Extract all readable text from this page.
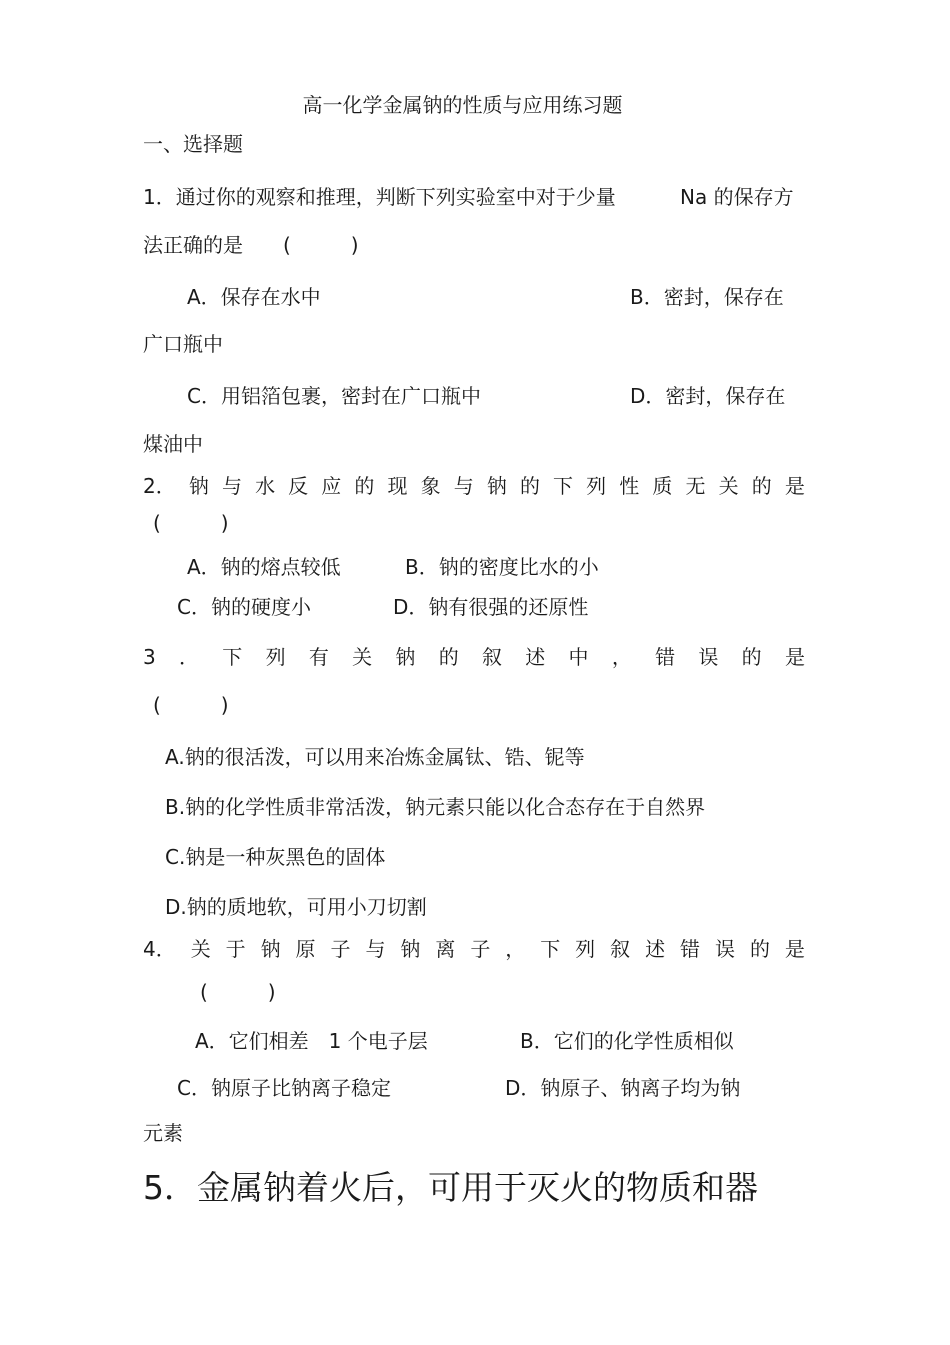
高一化学金属钠的性质与应用练习题
一、选择题
1．通过你的观察和推理，判断下列实验室中对于少量	Na 的保存方
法正确的是　　(　　　)
A．保存在水中	B．密封，保存在
广口瓶中
C．用铝箔包裹，密封在广口瓶中	D．密封，保存在
煤油中
2． 钠 与 水 反 应 的 现 象 与 钠 的 下 列 性 质 无 关 的 是
(　　　)
A．钠的熔点较低	B．钠的密度比水的小
C．钠的硬度小	D．钠有很强的还原性
3 ． 下 列 有 关 钠 的 叙 述 中 ， 错 误 的 是
(　　　)
A.钠的很活泼，可以用来冶炼金属钛、锆、铌等
B.钠的化学性质非常活泼，钠元素只能以化合态存在于自然界
C.钠是一种灰黑色的固体
D.钠的质地软，可用小刀切割
4． 关 于 钠 原 子 与 钠 离 子 ， 下 列 叙 述 错 误 的 是
(　　　)
A．它们相差　1 个电子层	B．它们的化学性质相似
C．钠原子比钠离子稳定	D．钠原子、钠离子均为钠
元素
5．金属钠着火后，可用于灭火的物质和器
